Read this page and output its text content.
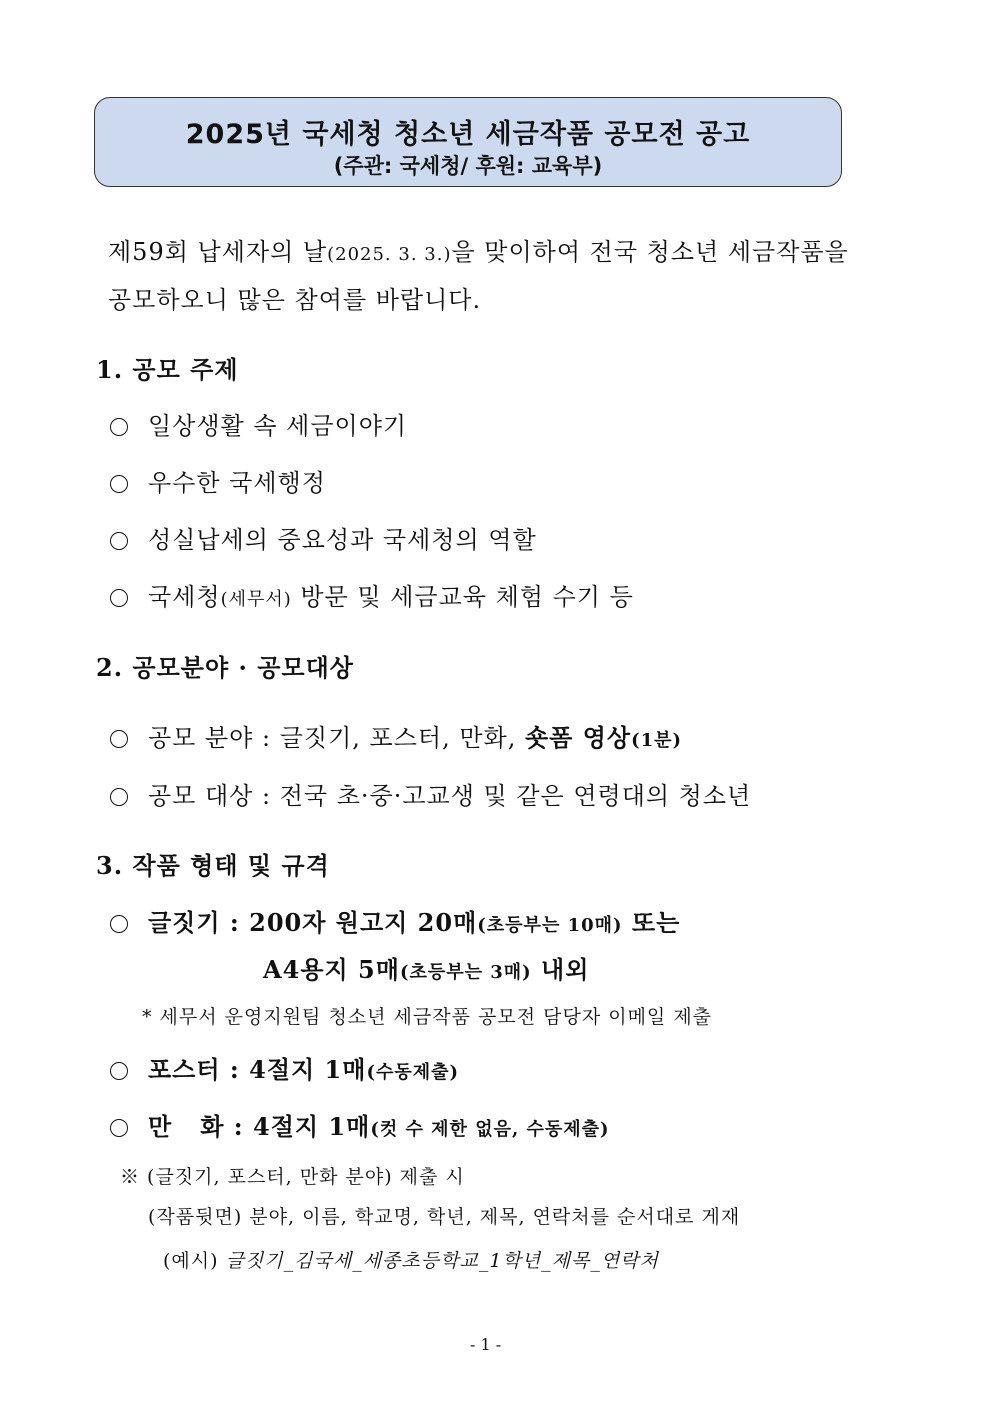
2025년 국세청 청소년 세금작품 공모전 공고
(주관: 국세청/ 후원: 교육부)
제59회 납세자의 날(2025. 3. 3.)을 맞이하여 전국 청소년 세금작품을
공모하오니 많은 참여를 바랍니다.
1. 공모 주제
일상생활 속 세금이야기
우수한 국세행정
성실납세의 중요성과 국세청의 역할
국세청(세무서) 방문 및 세금교육 체험 수기 등
2. 공모분야 · 공모대상
공모 분야 : 글짓기, 포스터, 만화, 숏폼 영상(1분)
공모 대상 : 전국 초·중·고교생 및 같은 연령대의 청소년
3. 작품 형태 및 규격
글짓기 : 200자 원고지 20매(초등부는 10매) 또는
A4용지 5매(초등부는 3매) 내외
* 세무서 운영지원팀 청소년 세금작품 공모전 담당자 이메일 제출
포스터 : 4절지 1매(수동제출)
만   화 : 4절지 1매(컷 수 제한 없음, 수동제출)
※ (글짓기, 포스터, 만화 분야) 제출 시
(작품뒷면) 분야, 이름, 학교명, 학년, 제목, 연락처를 순서대로 게재
(예시) 글짓기_김국세_세종초등학교_1학년_제목_연락처
- 1 -
